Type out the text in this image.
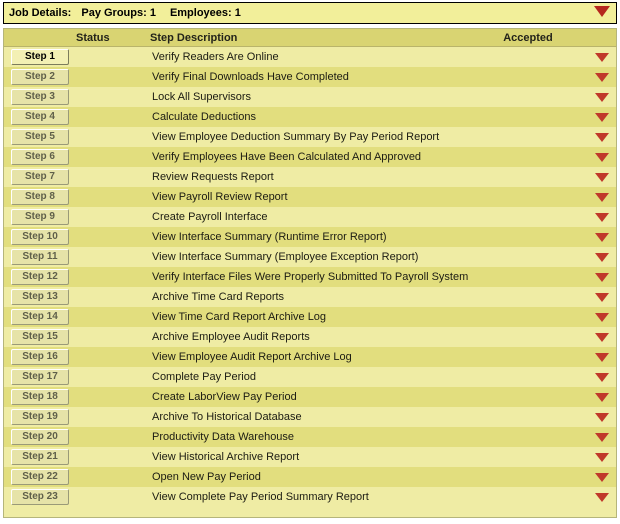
Job Details: Pay Groups: 1	Employees: 1
Status	Step Description	Accepted
Step 1	Verify Readers Are Online
Step 2	Verify Final Downloads Have Completed
Step 3	Lock All Supervisors
Step 4	Calculate Deductions
Step 5	View Employee Deduction Summary By Pay Period Report
Step 6	Verify Employees Have Been Calculated And Approved
Step 7	Review Requests Report
Step 8	View Payroll Review Report
Step 9	Create Payroll Interface
Step 10	View Interface Summary (Runtime Error Report)
Step 11	View Interface Summary (Employee Exception Report)
Step 12	Verify Interface Files Were Properly Submitted To Payroll System
Step 13	Archive Time Card Reports
Step 14	View Time Card Report Archive Log
Step 15	Archive Employee Audit Reports
Step 16	View Employee Audit Report Archive Log
Step 17	Complete Pay Period
Step 18	Create LaborView Pay Period
Step 19	Archive To Historical Database
Step 20	Productivity Data Warehouse
Step 21	View Historical Archive Report
Step 22	Open New Pay Period
Step 23	View Complete Pay Period Summary Report
